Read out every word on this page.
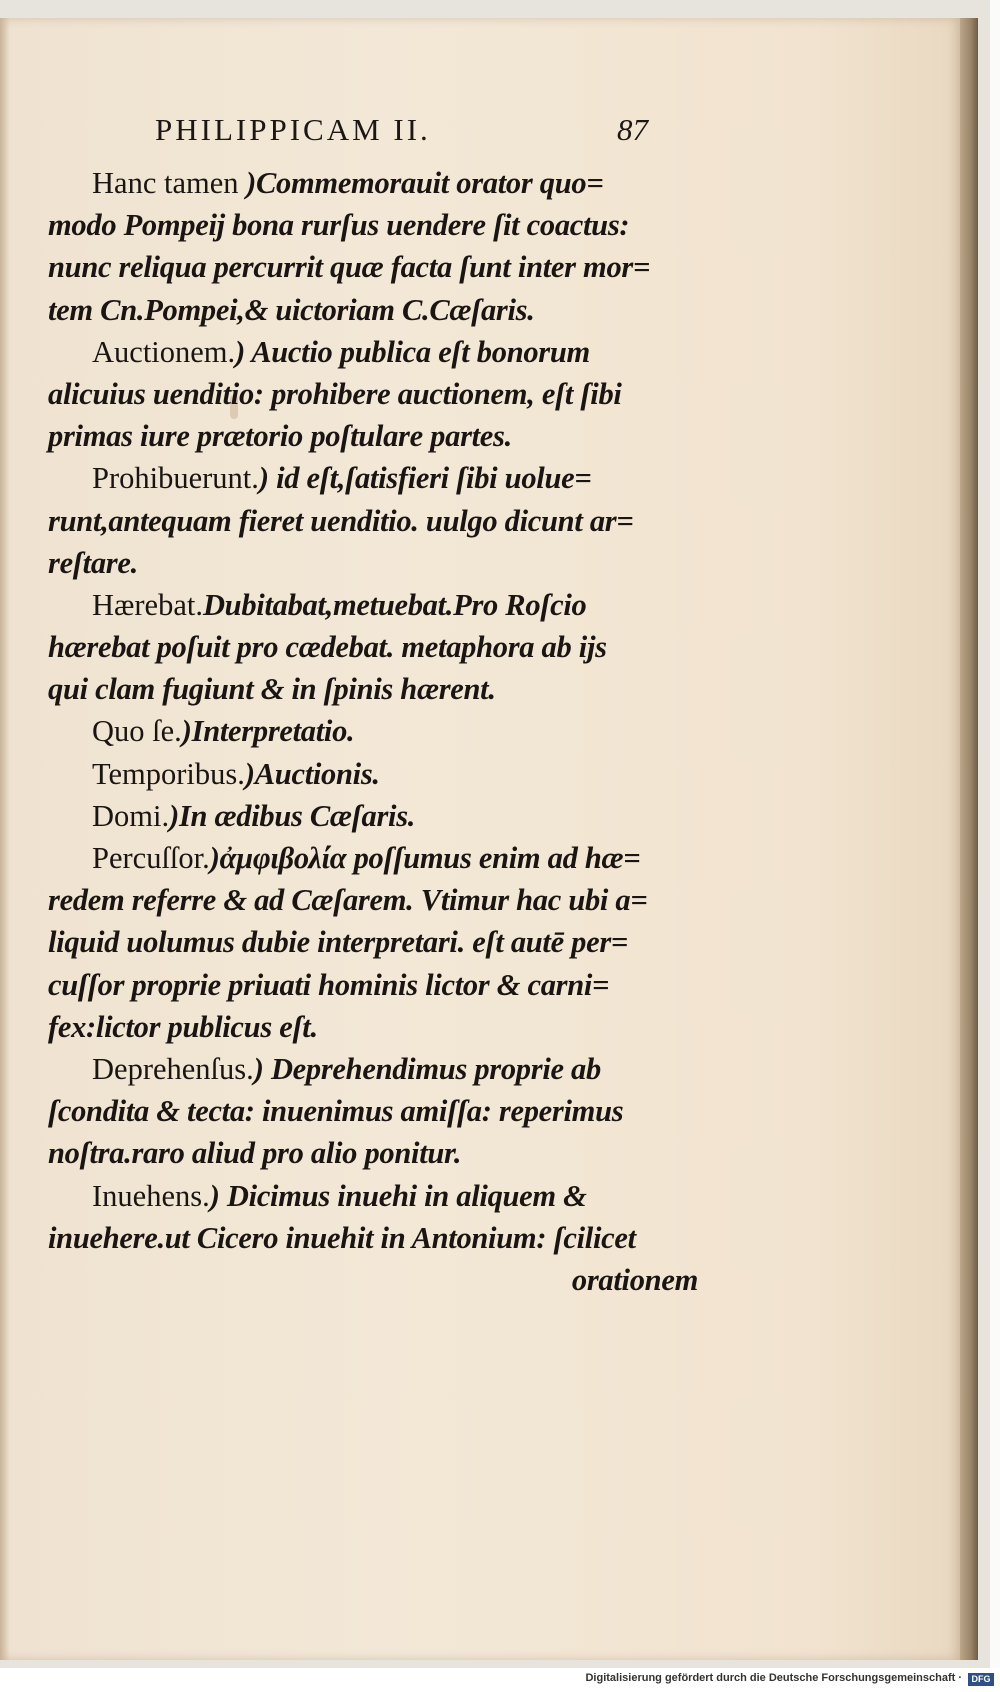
PHILIPPICAM II.	87
Hanc tamen )Commemorauit orator quo=
modo Pompeij bona rurſus uendere ſit coactus:
nunc reliqua percurrit quæ facta ſunt inter mor=
tem Cn.Pompei,& uictoriam C.Cæſaris.
Auctionem.) Auctio publica eſt bonorum
alicuius uenditio: prohibere auctionem, eſt ſibi
primas iure prætorio poſtulare partes.
Prohibuerunt.) id eſt,ſatisfieri ſibi uolue=
runt,antequam fieret uenditio. uulgo dicunt ar=
reſtare.
Hærebat.Dubitabat,metuebat.Pro Roſcio
hærebat poſuit pro cædebat. metaphora ab ijs
qui clam fugiunt & in ſpinis hærent.
Quo ſe.)Interpretatio.
Temporibus.)Auctionis.
Domi.)In ædibus Cæſaris.
Percuſſor.)ἀμφιβολία poſſumus enim ad hæ=
redem referre & ad Cæſarem. Vtimur hac ubi a=
liquid uolumus dubie interpretari. eſt autē per=
cuſſor proprie priuati hominis lictor & carni=
fex:lictor publicus eſt.
Deprehenſus.) Deprehendimus proprie ab
ſcondita & tecta: inuenimus amiſſa: reperimus
noſtra.raro aliud pro alio ponitur.
Inuehens.) Dicimus inuehi in aliquem &
inuehere.ut Cicero inuehit in Antonium: ſcilicet
orationem
Digitalisierung gefördert durch die Deutsche Forschungsgemeinschaft ·	DFG
